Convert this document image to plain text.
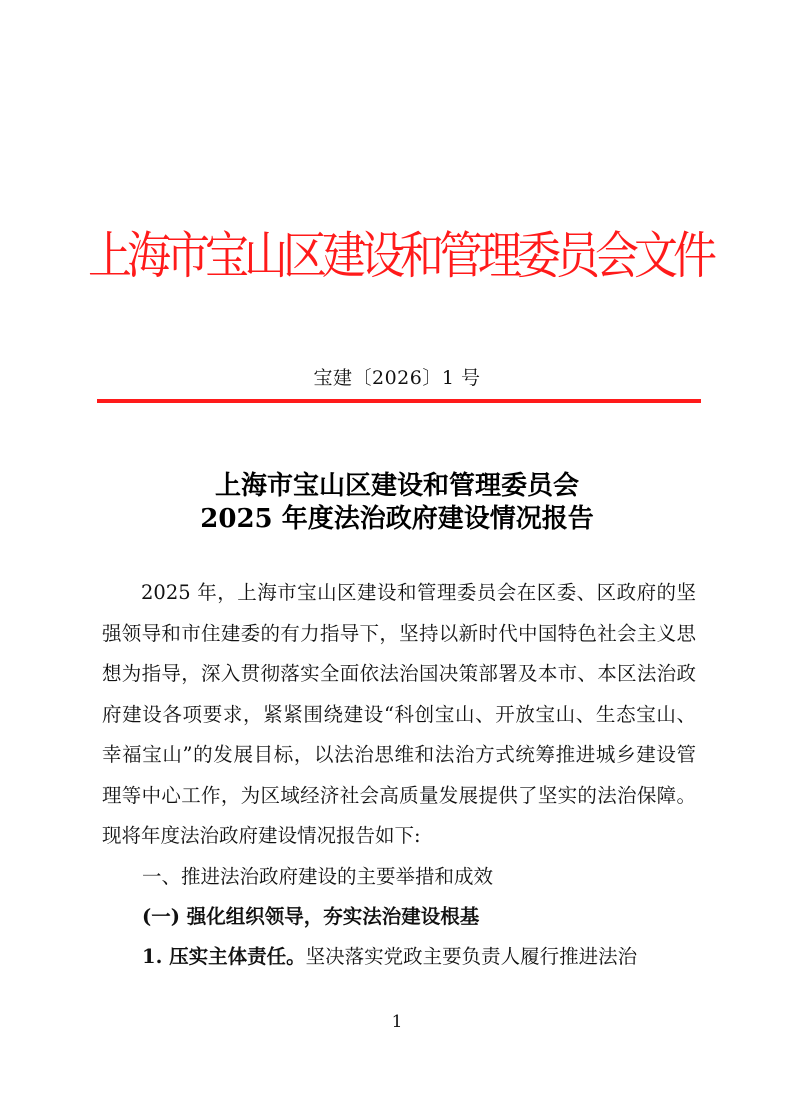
上海市宝山区建设和管理委员会文件
宝建〔2026〕1 号
上海市宝山区建设和管理委员会
2025 年度法治政府建设情况报告

2025 年，上海市宝山区建设和管理委员会在区委、区政府的坚强领导和市住建委的有力指导下，坚持以新时代中国特色社会主义思想为指导，深入贯彻落实全面依法治国决策部署及本市、本区法治政府建设各项要求，紧紧围绕建设“科创宝山、开放宝山、生态宝山、幸福宝山”的发展目标，以法治思维和法治方式统筹推进城乡建设管理等中心工作，为区域经济社会高质量发展提供了坚实的法治保障。现将年度法治政府建设情况报告如下:

一、推进法治政府建设的主要举措和成效

(一) 强化组织领导，夯实法治建设根基

1. 压实主体责任。坚决落实党政主要负责人履行推进法治

1
